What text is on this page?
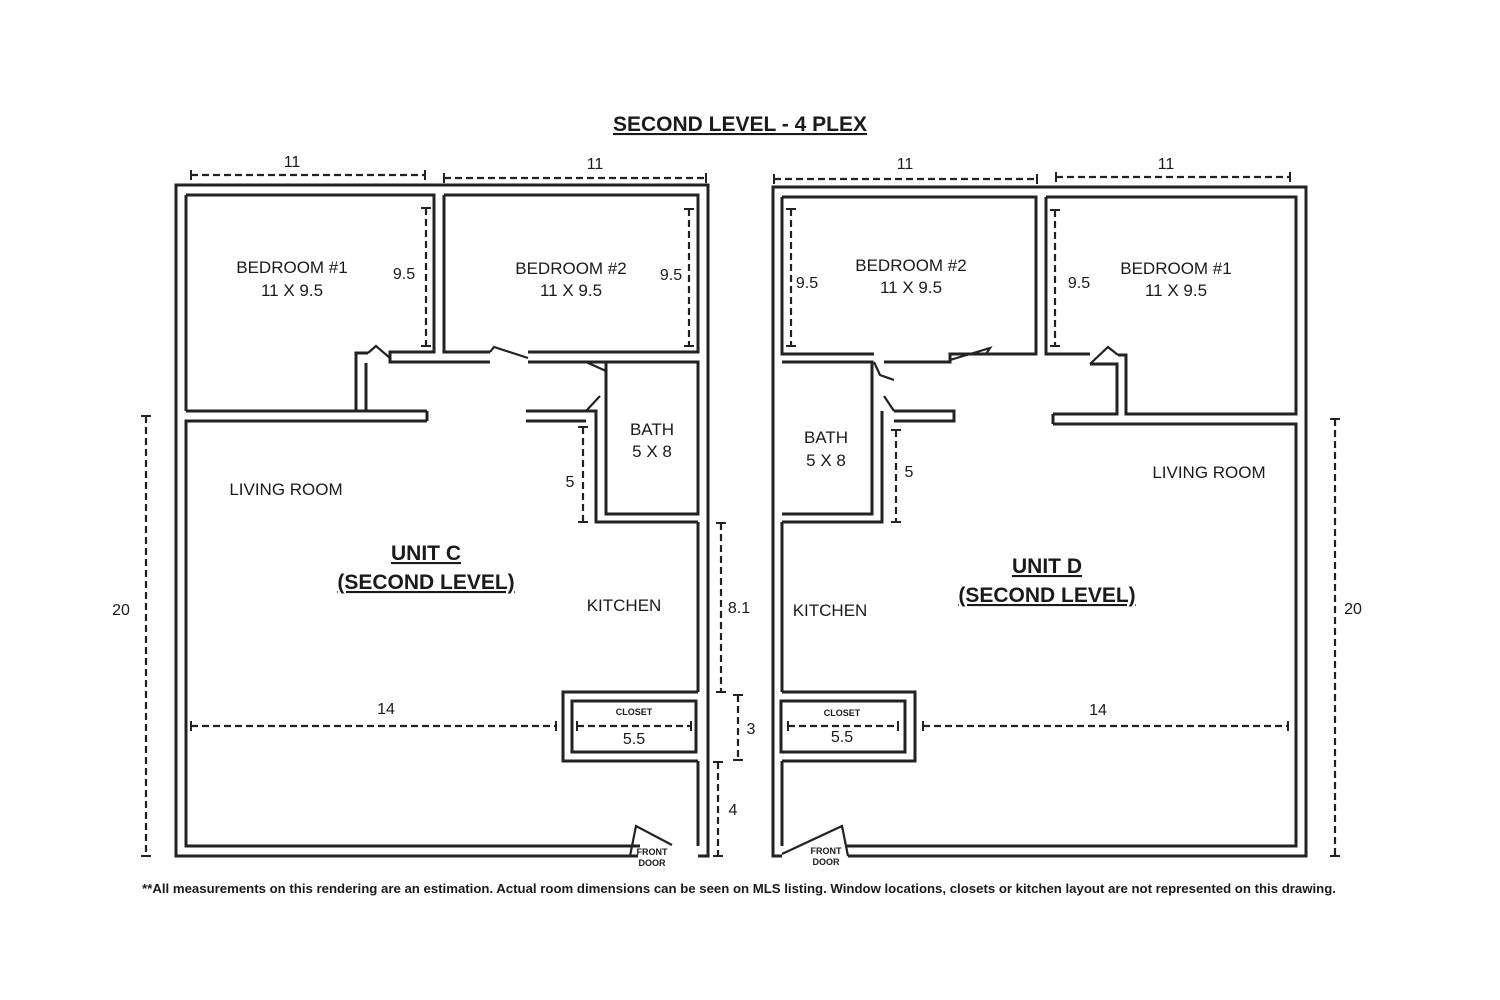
SECOND LEVEL - 4 PLEX
BEDROOM #1
11 X 9.5
BEDROOM #2
11 X 9.5
BATH
5 X 8
LIVING ROOM
KITCHEN
UNIT C
(SECOND LEVEL)
CLOSET
FRONT
DOOR
11	11
9.5	9.5
5
8.1
3
4
20
14
5.5
BEDROOM #2
11 X 9.5
BEDROOM #1
11 X 9.5
BATH
5 X 8
LIVING ROOM
KITCHEN
UNIT D
(SECOND LEVEL)
CLOSET
FRONT
DOOR
11	11
9.5	9.5
5
20
14
5.5
**All measurements on this rendering are an estimation. Actual room dimensions can be seen on MLS listing. Window locations, closets or kitchen layout are not represented on this drawing.
